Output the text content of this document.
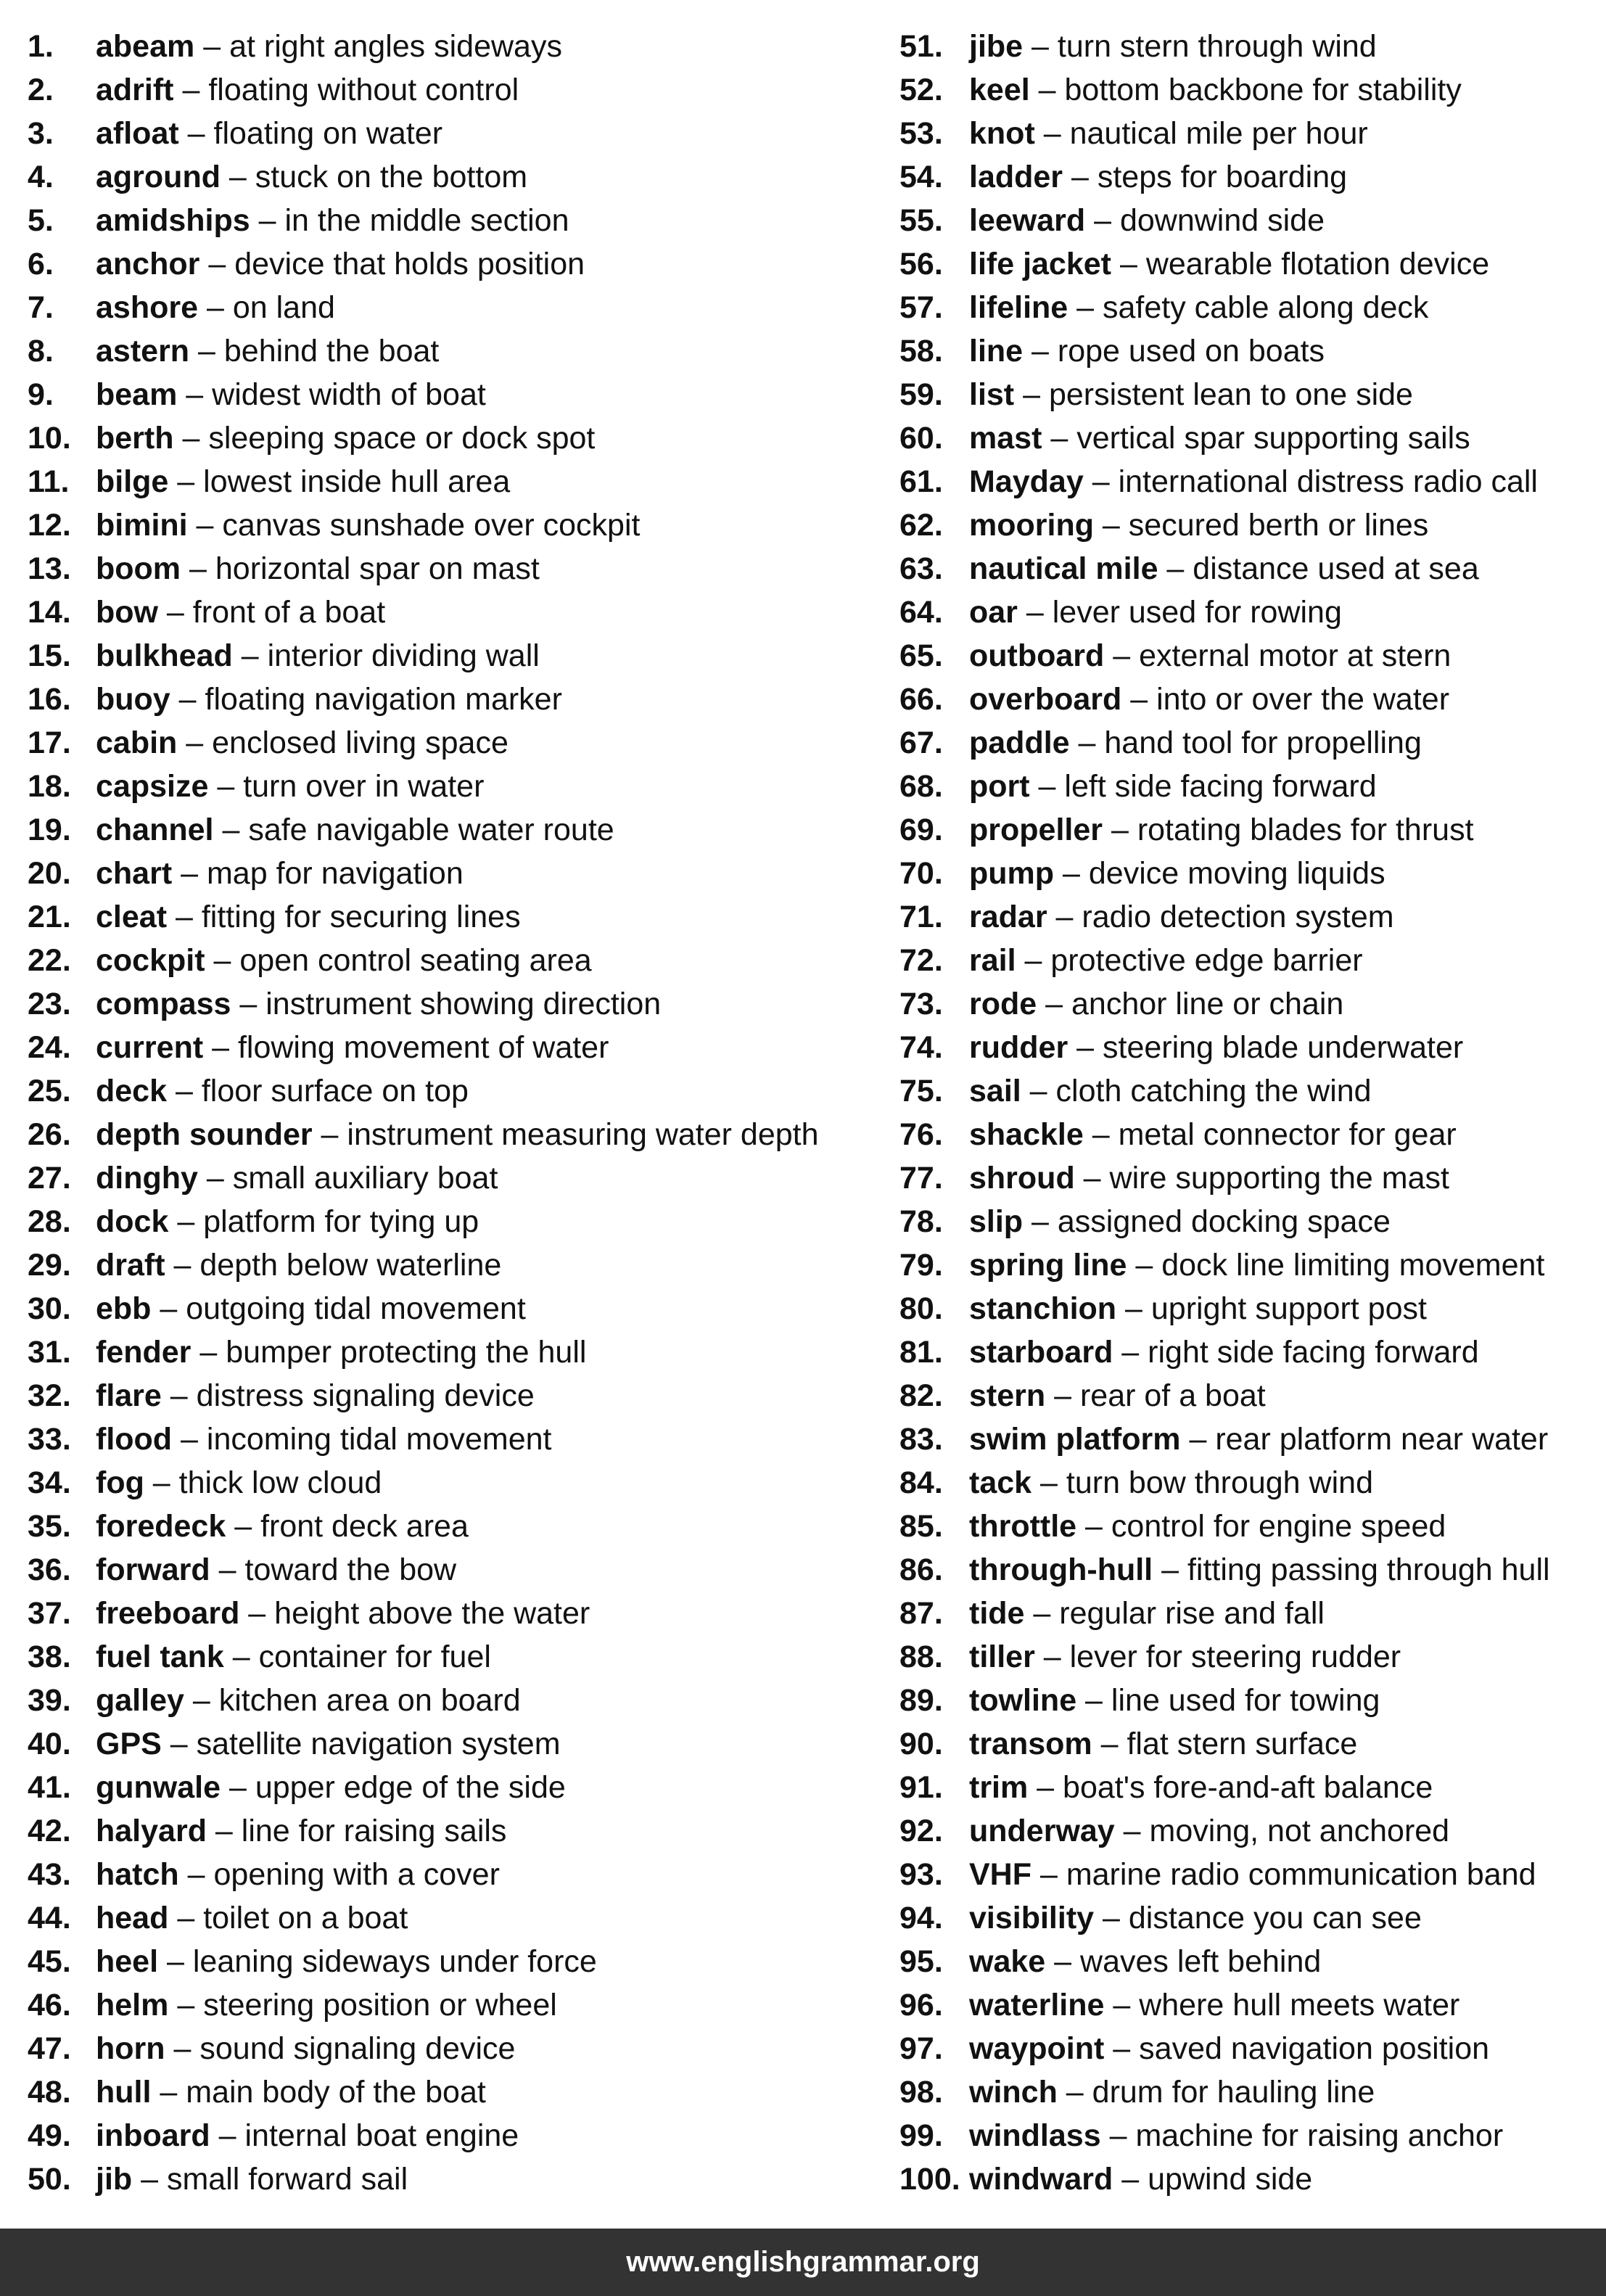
1. abeam – at right angles sideways
2. adrift – floating without control
3. afloat – floating on water
4. aground – stuck on the bottom
5. amidships – in the middle section
6. anchor – device that holds position
7. ashore – on land
8. astern – behind the boat
9. beam – widest width of boat
10. berth – sleeping space or dock spot
11. bilge – lowest inside hull area
12. bimini – canvas sunshade over cockpit
13. boom – horizontal spar on mast
14. bow – front of a boat
15. bulkhead – interior dividing wall
16. buoy – floating navigation marker
17. cabin – enclosed living space
18. capsize – turn over in water
19. channel – safe navigable water route
20. chart – map for navigation
21. cleat – fitting for securing lines
22. cockpit – open control seating area
23. compass – instrument showing direction
24. current – flowing movement of water
25. deck – floor surface on top
26. depth sounder – instrument measuring water depth
27. dinghy – small auxiliary boat
28. dock – platform for tying up
29. draft – depth below waterline
30. ebb – outgoing tidal movement
31. fender – bumper protecting the hull
32. flare – distress signaling device
33. flood – incoming tidal movement
34. fog – thick low cloud
35. foredeck – front deck area
36. forward – toward the bow
37. freeboard – height above the water
38. fuel tank – container for fuel
39. galley – kitchen area on board
40. GPS – satellite navigation system
41. gunwale – upper edge of the side
42. halyard – line for raising sails
43. hatch – opening with a cover
44. head – toilet on a boat
45. heel – leaning sideways under force
46. helm – steering position or wheel
47. horn – sound signaling device
48. hull – main body of the boat
49. inboard – internal boat engine
50. jib – small forward sail
51. jibe – turn stern through wind
52. keel – bottom backbone for stability
53. knot – nautical mile per hour
54. ladder – steps for boarding
55. leeward – downwind side
56. life jacket – wearable flotation device
57. lifeline – safety cable along deck
58. line – rope used on boats
59. list – persistent lean to one side
60. mast – vertical spar supporting sails
61. Mayday – international distress radio call
62. mooring – secured berth or lines
63. nautical mile – distance used at sea
64. oar – lever used for rowing
65. outboard – external motor at stern
66. overboard – into or over the water
67. paddle – hand tool for propelling
68. port – left side facing forward
69. propeller – rotating blades for thrust
70. pump – device moving liquids
71. radar – radio detection system
72. rail – protective edge barrier
73. rode – anchor line or chain
74. rudder – steering blade underwater
75. sail – cloth catching the wind
76. shackle – metal connector for gear
77. shroud – wire supporting the mast
78. slip – assigned docking space
79. spring line – dock line limiting movement
80. stanchion – upright support post
81. starboard – right side facing forward
82. stern – rear of a boat
83. swim platform – rear platform near water
84. tack – turn bow through wind
85. throttle – control for engine speed
86. through-hull – fitting passing through hull
87. tide – regular rise and fall
88. tiller – lever for steering rudder
89. towline – line used for towing
90. transom – flat stern surface
91. trim – boat's fore-and-aft balance
92. underway – moving, not anchored
93. VHF – marine radio communication band
94. visibility – distance you can see
95. wake – waves left behind
96. waterline – where hull meets water
97. waypoint – saved navigation position
98. winch – drum for hauling line
99. windlass – machine for raising anchor
100. windward – upwind side
www.englishgrammar.org
